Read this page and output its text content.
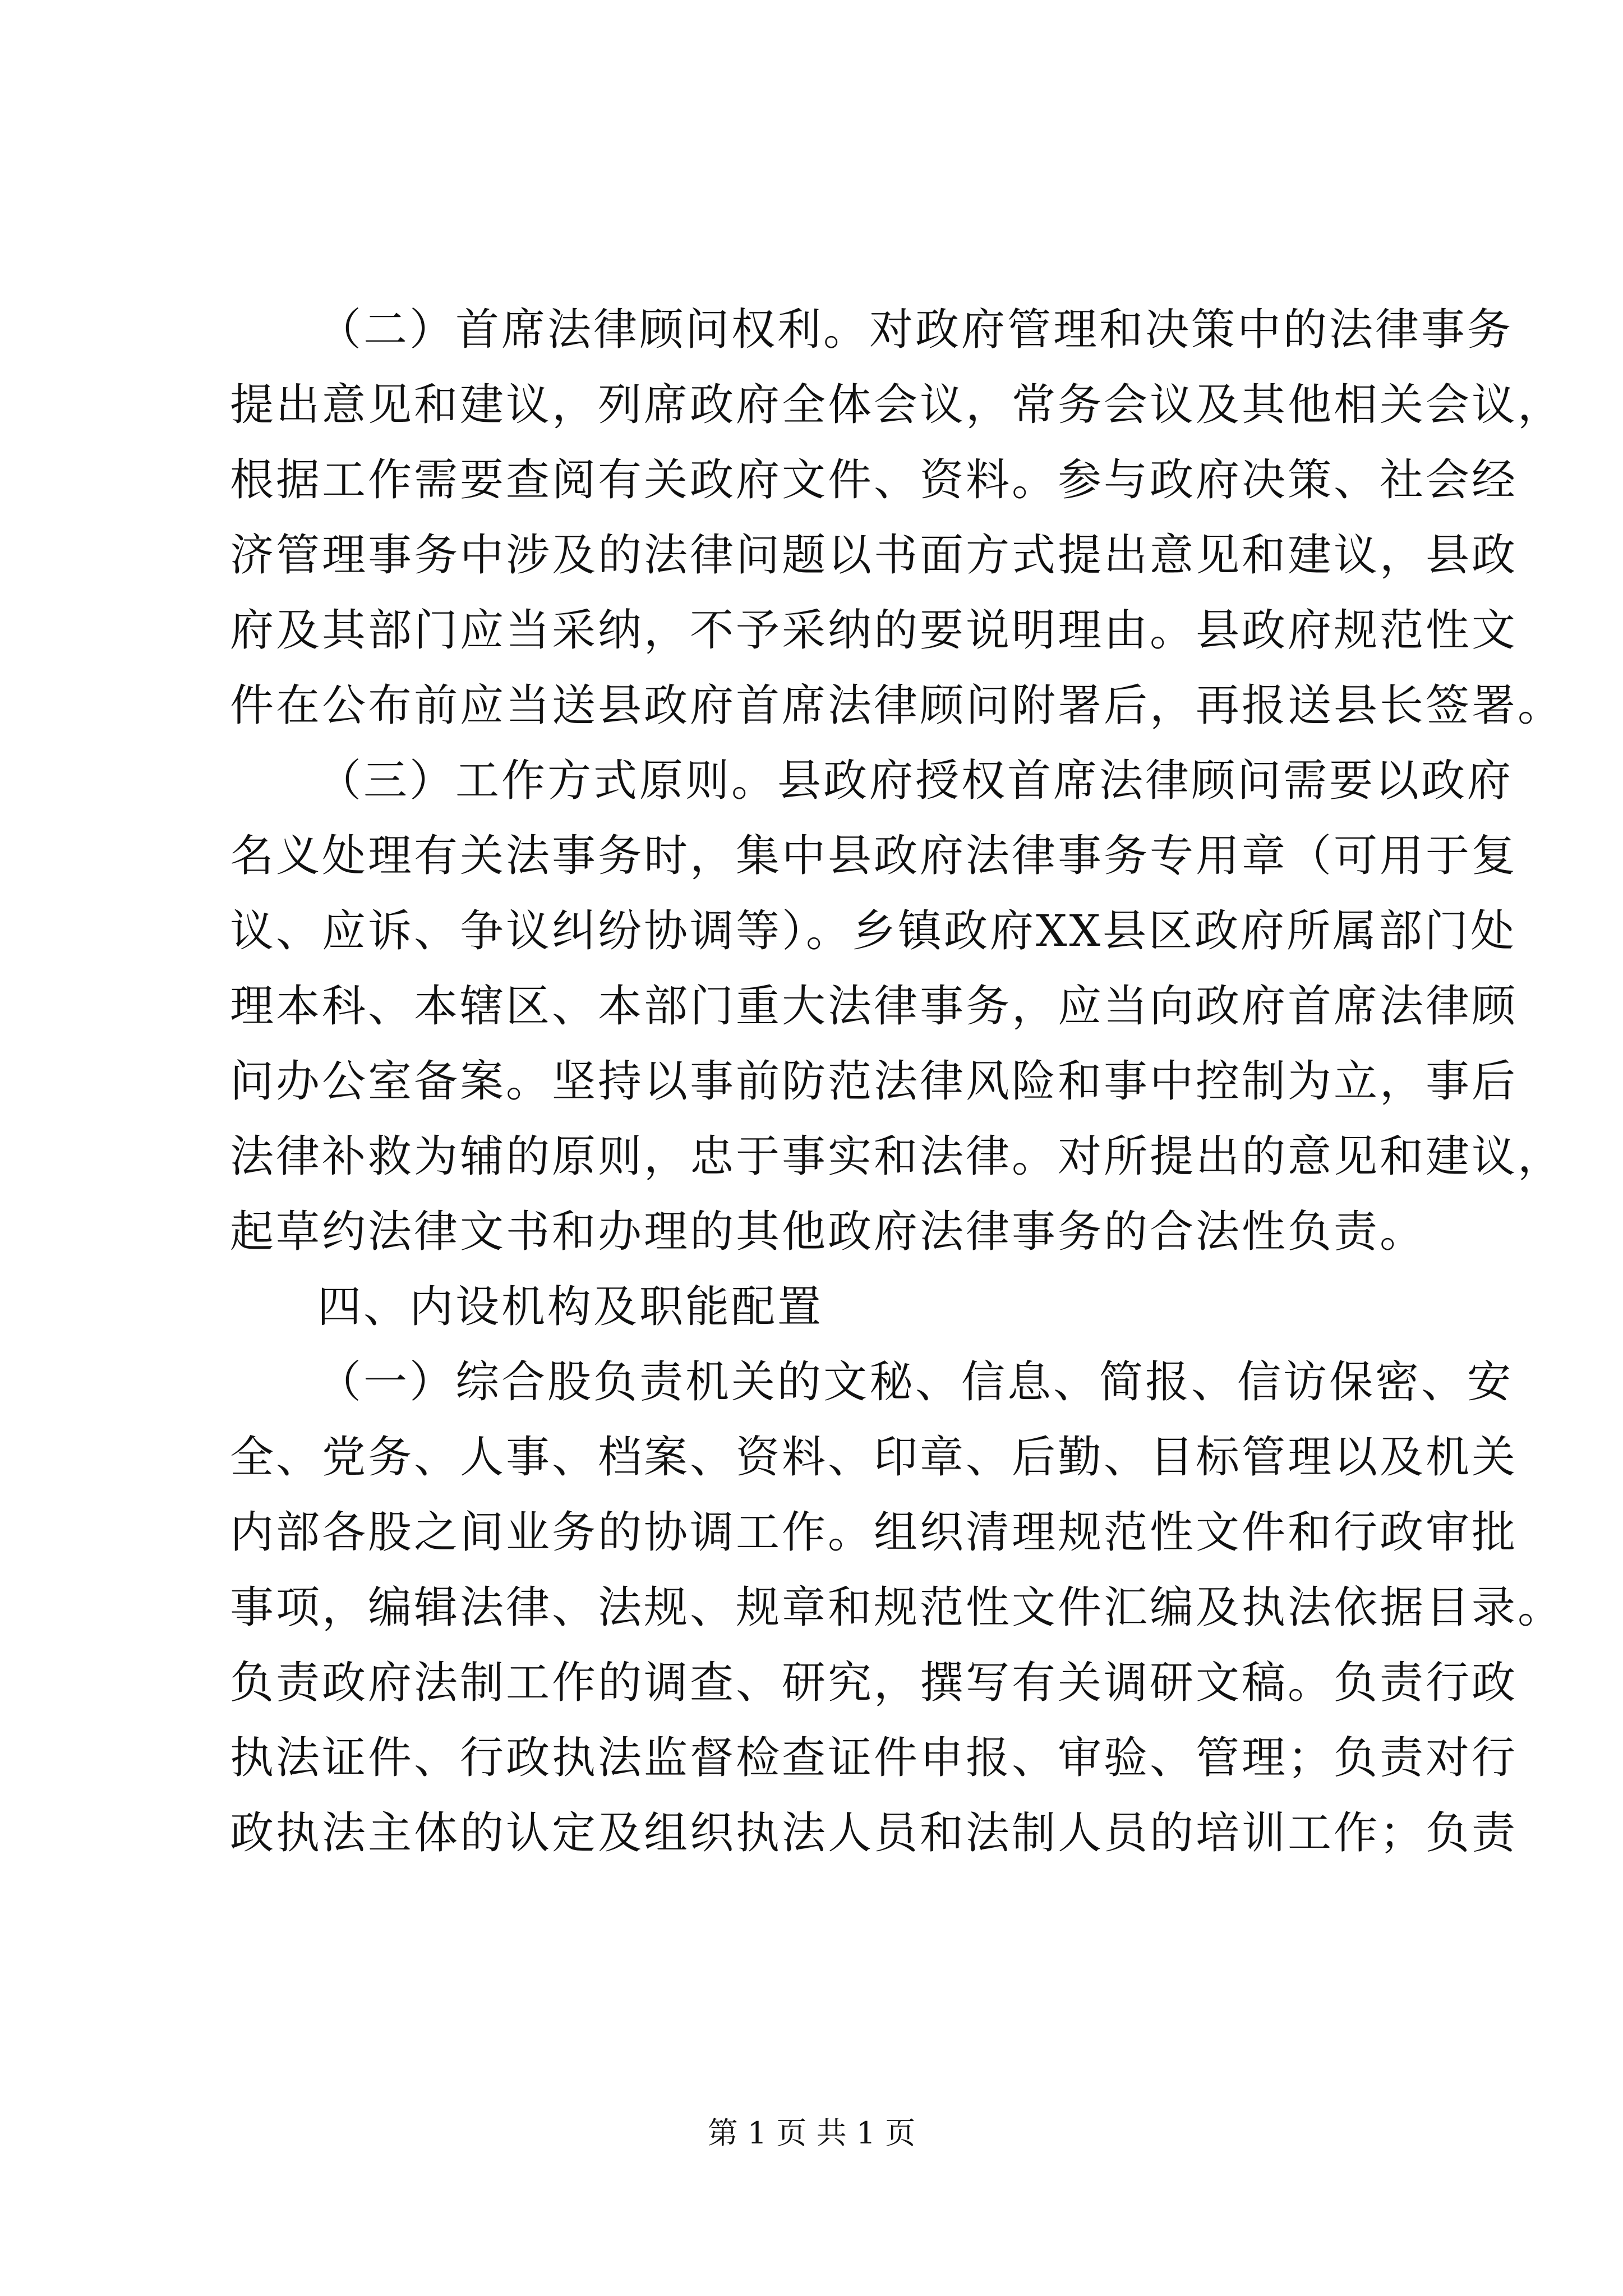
（二）首席法律顾问权利。对政府管理和决策中的法律事务
提出意见和建议，列席政府全体会议，常务会议及其他相关会议，
根据工作需要查阅有关政府文件、资料。参与政府决策、社会经
济管理事务中涉及的法律问题以书面方式提出意见和建议，县政
府及其部门应当采纳，不予采纳的要说明理由。县政府规范性文
件在公布前应当送县政府首席法律顾问附署后，再报送县长签署。
（三）工作方式原则。县政府授权首席法律顾问需要以政府
名义处理有关法事务时，集中县政府法律事务专用章（可用于复
议、应诉、争议纠纷协调等）。乡镇政府XX县区政府所属部门处
理本科、本辖区、本部门重大法律事务，应当向政府首席法律顾
问办公室备案。坚持以事前防范法律风险和事中控制为立，事后
法律补救为辅的原则，忠于事实和法律。对所提出的意见和建议，
起草约法律文书和办理的其他政府法律事务的合法性负责。
四、内设机构及职能配置
（一）综合股负责机关的文秘、信息、简报、信访保密、安
全、党务、人事、档案、资料、印章、后勤、目标管理以及机关
内部各股之间业务的协调工作。组织清理规范性文件和行政审批
事项，编辑法律、法规、规章和规范性文件汇编及执法依据目录。
负责政府法制工作的调查、研究，撰写有关调研文稿。负责行政
执法证件、行政执法监督检查证件申报、审验、管理；负责对行
政执法主体的认定及组织执法人员和法制人员的培训工作；负责
第 1 页 共 1 页
